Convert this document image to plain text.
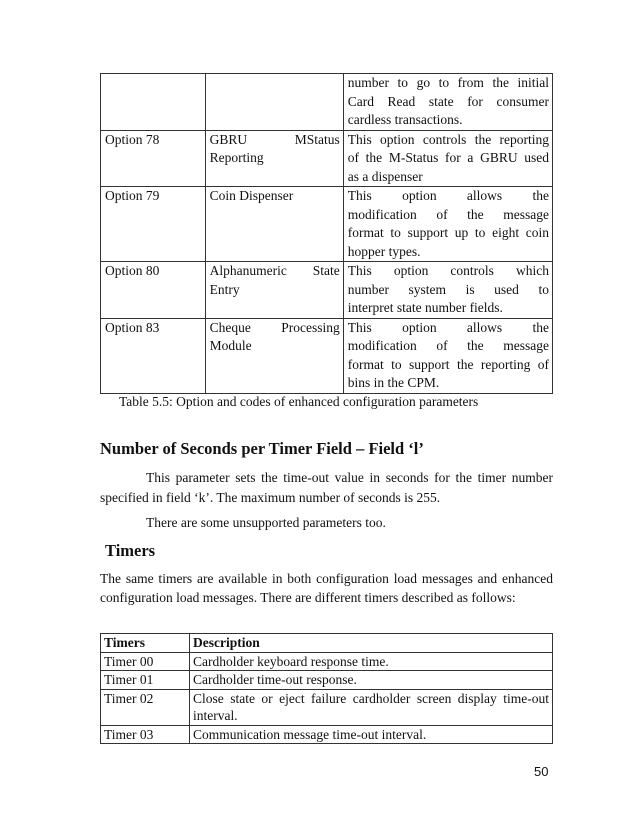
		number to go to from the initial
Card Read state for consumer
cardless transactions.

Option 78	GBRU MStatus Reporting	This option controls the reporting
of the M-Status for a GBRU used
as a dispenser

Option 79	Coin Dispenser	This option allows the
modification of the message
format to support up to eight coin
hopper types.

Option 80	Alphanumeric State Entry	This option controls which
number system is used to
interpret state number fields.

Option 83	Cheque Processing Module	This option allows the
modification of the message
format to support the reporting of
bins in the CPM.
Table 5.5: Option and codes of enhanced configuration parameters
Number of Seconds per Timer Field – Field ‘l’
This parameter sets the time-out value in seconds for the timer number specified in field ‘k’. The maximum number of seconds is 255.
There are some unsupported parameters too.
Timers
The same timers are available in both configuration load messages and enhanced configuration load messages. There are different timers described as follows:
Timers	Description
Timer 00	Cardholder keyboard response time.
Timer 01	Cardholder time-out response.
Timer 02	Close state or eject failure cardholder screen display time-out interval.
Timer 03	Communication message time-out interval.
50
